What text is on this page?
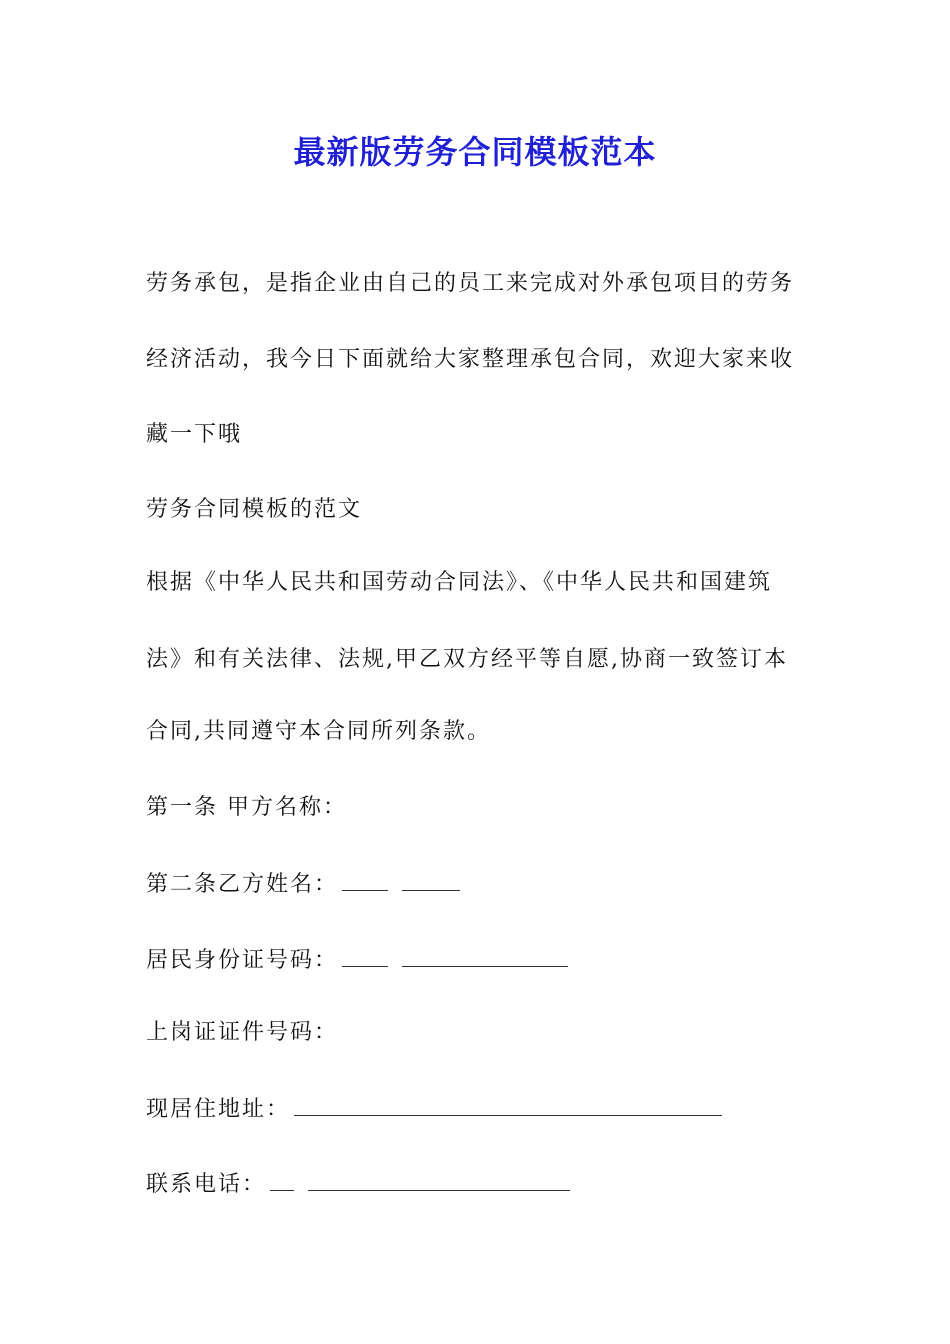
最新版劳务合同模板范本
劳务承包，是指企业由自己的员工来完成对外承包项目的劳务
经济活动，我今日下面就给大家整理承包合同，欢迎大家来收
藏一下哦
劳务合同模板的范文
根据《中华人民共和国劳动合同法》、《中华人民共和国建筑
法》和有关法律、法规,甲乙双方经平等自愿,协商一致签订本
合同,共同遵守本合同所列条款。
第一条 甲方名称：
第二条乙方姓名：
居民身份证号码：
上岗证证件号码：
现居住地址：
联系电话：
